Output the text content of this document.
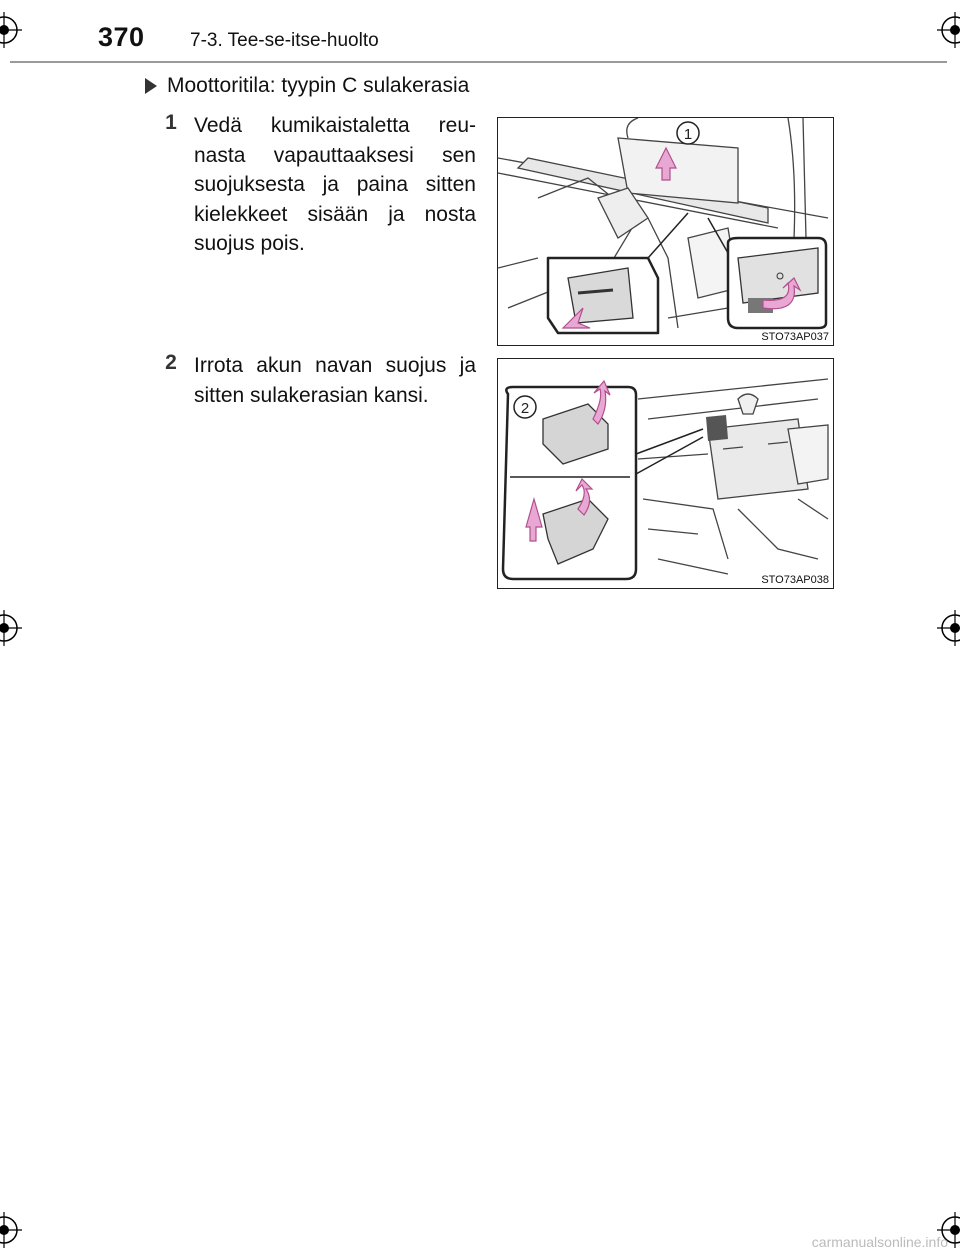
370 7-3. Tee-se-itse-huolto
Moottoritila: tyypin C sulakerasia
1 Vedä kumikaistaletta reu-nasta vapauttaaksesi sen suojuksesta ja paina sitten kielekkeet sisään ja nosta suojus pois.
2 Irrota akun navan suojus ja sitten sulakerasian kansi.
1
STO73AP037
2
STO73AP038
carmanualsonline.info
